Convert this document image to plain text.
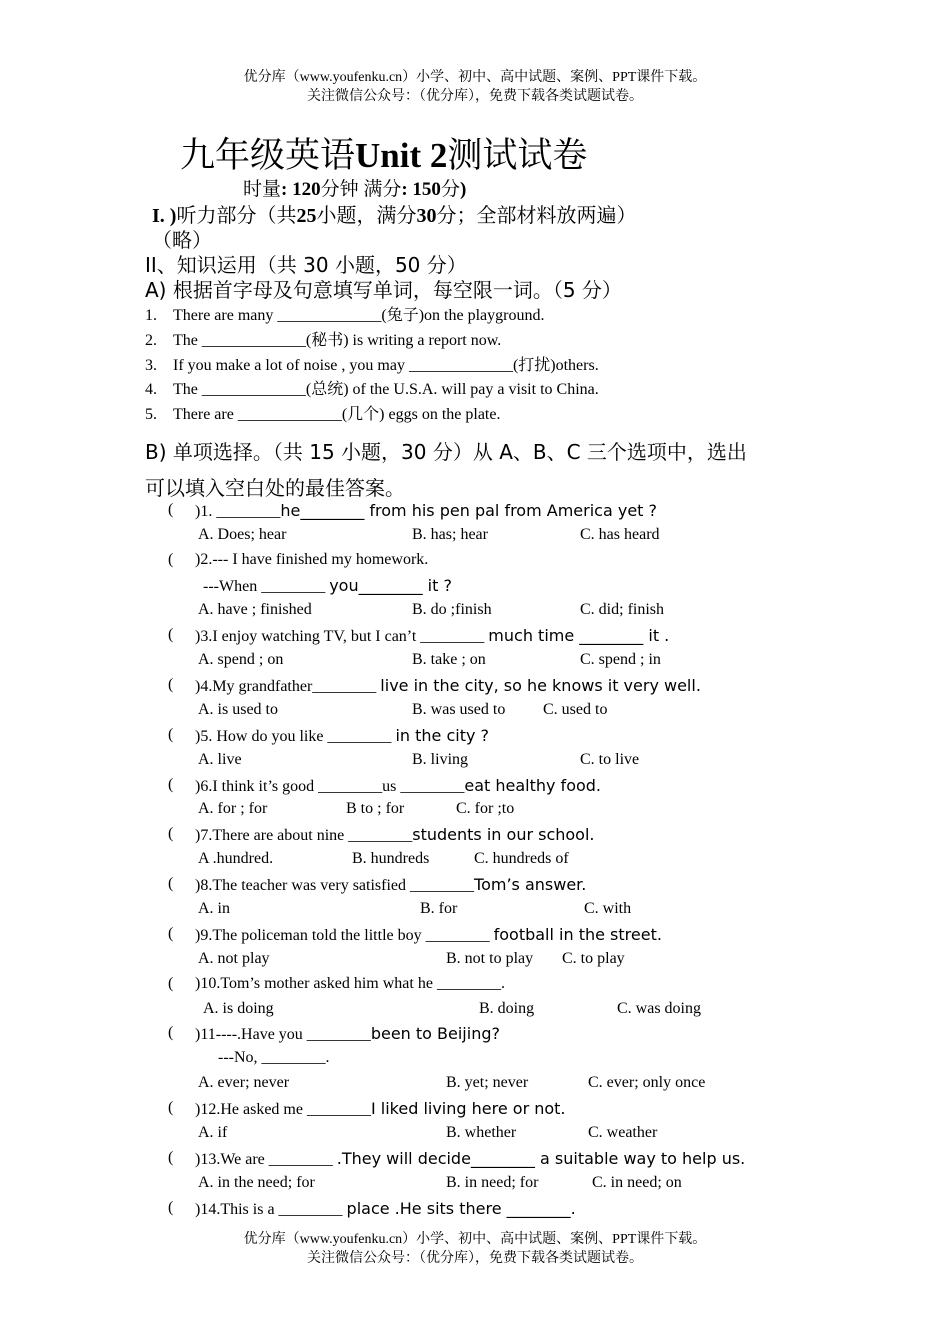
优分库（www.youfenku.cn）小学、初中、高中试题、案例、PPT课件下载。
关注微信公众号：（优分库），免费下载各类试题试卷。
九年级英语Unit 2测试试卷
时量: 120分钟 满分: 150分)
I. )听力部分（共25小题，满分30分；全部材料放两遍）
（略）
II、知识运用（共 30 小题，50 分）
A) 根据首字母及句意填写单词，每空限一词。（5 分）
1. There are many _____________(兔子)on the playground.
2. The _____________(秘书) is writing a report now.
3. If you make a lot of noise , you may _____________(打扰)others.
4. The _____________(总统) of the U.S.A. will pay a visit to China.
5. There are _____________(几个) eggs on the plate.
B) 单项选择。（共 15 小题，30 分）从 A、B、C 三个选项中，选出
可以填入空白处的最佳答案。
( )1. ________he________ from his pen pal from America yet ?
A. Does; hear	B. has; hear	C. has heard
( )2.--- I have finished my homework.
---When ________ you________ it ?
A. have ; finished	B. do ;finish	C. did; finish
( )3.I enjoy watching TV, but I can’t ________ much time ________ it .
A. spend ; on	B. take ; on	C. spend ; in
( )4.My grandfather________ live in the city, so he knows it very well.
A. is used to	B. was used to C. used to
( )5. How do you like ________ in the city ?
A. live	B. living	C. to live
( )6.I think it’s good ________us ________eat healthy food.
A. for ; for	B to ; for	C. for ;to
( )7.There are about nine ________students in our school.
A .hundred.	B. hundreds	C. hundreds of
( )8.The teacher was very satisfied ________Tom’s answer.
A. in	B. for	C. with
( )9.The policeman told the little boy ________ football in the street.
A. not play	B. not to play C. to play
( )10.Tom’s mother asked him what he ________.
A. is doing	B. doing	C. was doing
( )11----.Have you ________been to Beijing?
---No, ________.
A. ever; never	B. yet; never	C. ever; only once
( )12.He asked me ________I liked living here or not.
A. if	B. whether	C. weather
( )13.We are ________ .They will decide________ a suitable way to help us.
A. in the need; for	B. in need; for	C. in need; on
( )14.This is a ________ place .He sits there ________.
优分库（www.youfenku.cn）小学、初中、高中试题、案例、PPT课件下载。
关注微信公众号：（优分库），免费下载各类试题试卷。
